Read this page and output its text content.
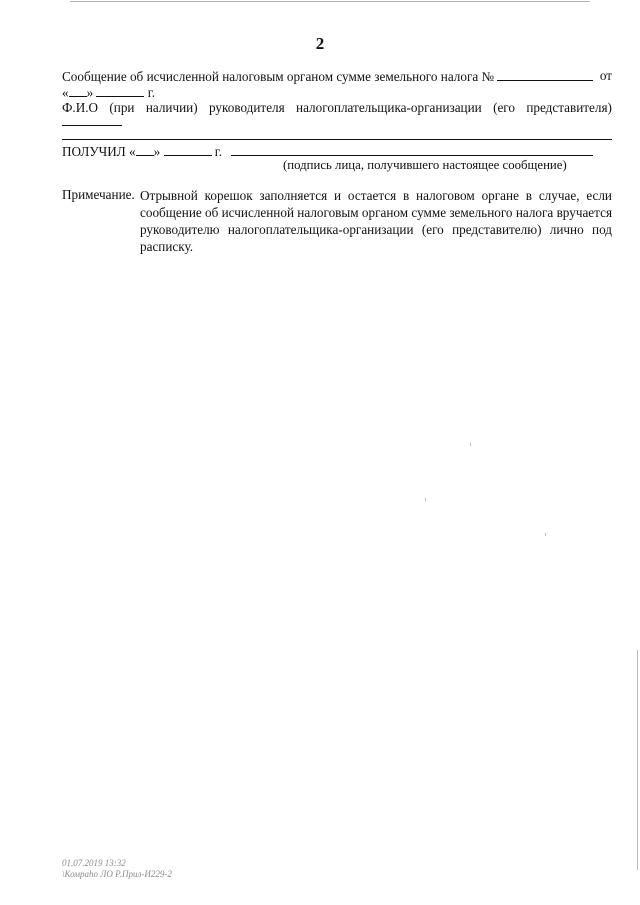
2
Сообщение об исчисленной налоговым органом сумме земельного налога №	от
« »	г.
Ф.И.О (при наличии) руководителя налогоплательщика-организации (его представителя)
ПОЛУЧИЛ « »	г.
(подпись лица, получившего настоящее сообщение)
Примечание. Отрывной корешок заполняется и остается в налоговом органе в случае, если сообщение об исчисленной налоговым органом сумме земельного налога вручается руководителю налогоплательщика-организации (его представителю) лично под расписку.
01.07.2019 13:32
\Комраhо ЛО Р.Прил-И229-2
